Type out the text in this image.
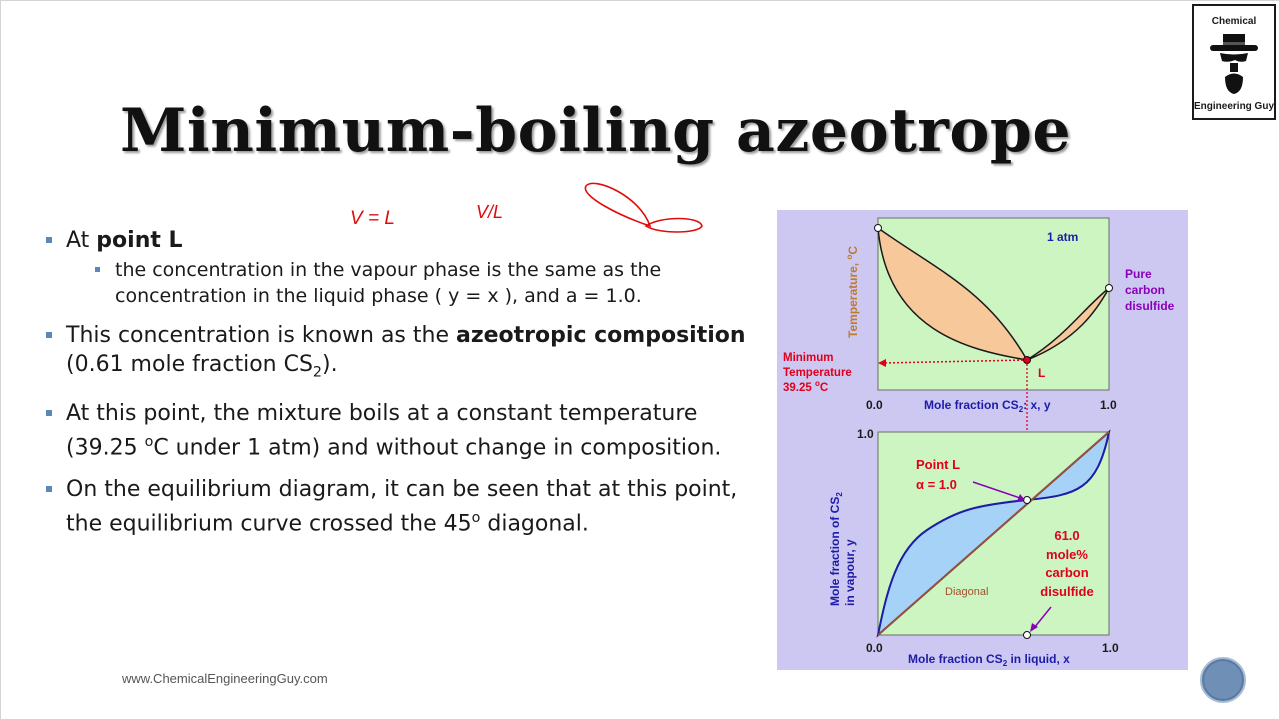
Chemical
Engineering Guy
Minimum-boiling azeotrope
V = L	V/L
At point L
the concentration in the vapour phase is the same as the concentration in the liquid phase ( y = x ), and a = 1.0.
This concentration is known as the azeotropic composition (0.61 mole fraction $CS_2$).
At this point, the mixture boils at a constant temperature (39.25 $^o$C under 1 atm) and without change in composition.
On the equilibrium diagram, it can be seen that at this point, the equilibrium curve crossed the 45$^o$ diagonal.
www.ChemicalEngineeringGuy.com
1 atm
L
Pure
carbon
disulfide
Minimum
Temperature
39.25 $^o$C
Temperature, $^o$C
0.0	1.0
Mole fraction $CS_2$: x, y
1.0
Point L
α = 1.0
61.0
mole%
carbon
disulfide
Diagonal
Mole fraction of $CS_2$
in vapour, y
0.0	1.0
Mole fraction $CS_2$ in liquid, x
